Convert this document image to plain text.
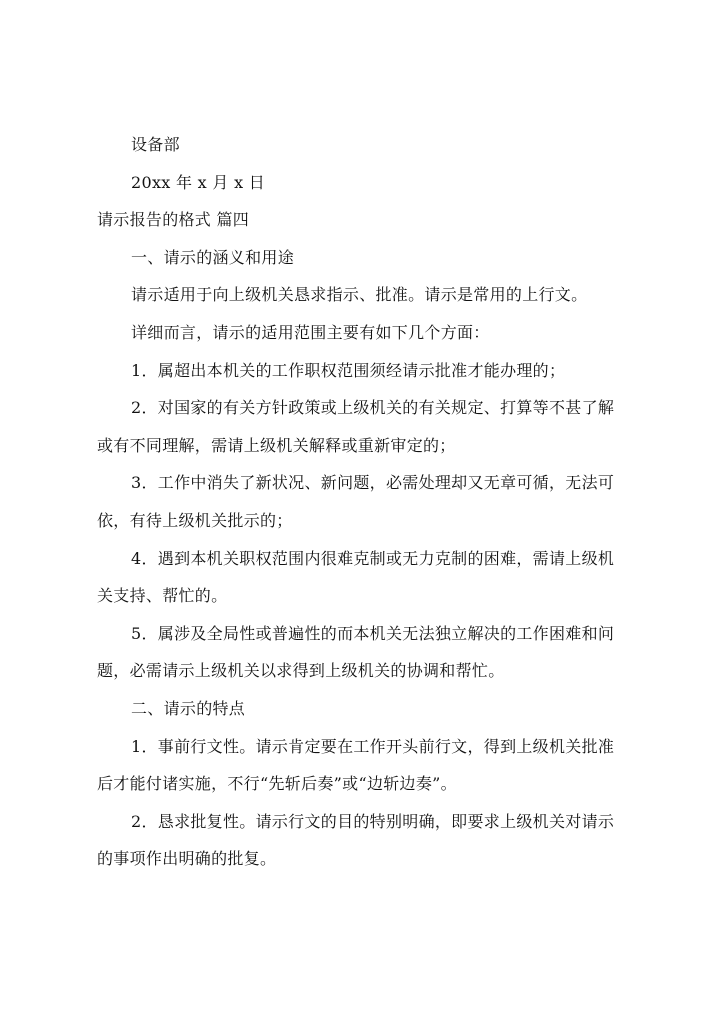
设备部
20xx 年 x 月 x 日
请示报告的格式 篇四
一、请示的涵义和用途
请示适用于向上级机关恳求指示、批准。请示是常用的上行文。
详细而言，请示的适用范围主要有如下几个方面：
1．属超出本机关的工作职权范围须经请示批准才能办理的；
2．对国家的有关方针政策或上级机关的有关规定、打算等不甚了解
或有不同理解，需请上级机关解释或重新审定的；
3．工作中消失了新状况、新问题，必需处理却又无章可循，无法可
依，有待上级机关批示的；
4．遇到本机关职权范围内很难克制或无力克制的困难，需请上级机
关支持、帮忙的。
5．属涉及全局性或普遍性的而本机关无法独立解决的工作困难和问
题，必需请示上级机关以求得到上级机关的协调和帮忙。
二、请示的特点
1．事前行文性。请示肯定要在工作开头前行文，得到上级机关批准
后才能付诸实施，不行“先斩后奏”或“边斩边奏”。
2．恳求批复性。请示行文的目的特别明确，即要求上级机关对请示
的事项作出明确的批复。
